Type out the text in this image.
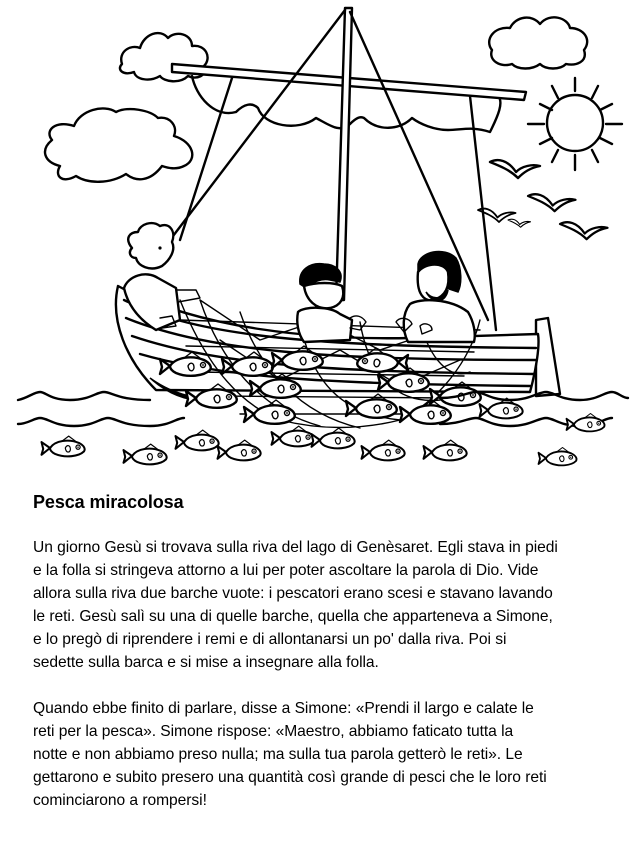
Pesca miracolosa

Un giorno Gesù si trovava sulla riva del lago di Genèsaret. Egli stava in piedi
e la folla si stringeva attorno a lui per poter ascoltare la parola di Dio. Vide
allora sulla riva due barche vuote: i pescatori erano scesi e stavano lavando
le reti. Gesù salì su una di quelle barche, quella che apparteneva a Simone,
e lo pregò di riprendere i remi e di allontanarsi un po' dalla riva. Poi si
sedette sulla barca e si mise a insegnare alla folla.

Quando ebbe finito di parlare, disse a Simone: «Prendi il largo e calate le
reti per la pesca». Simone rispose: «Maestro, abbiamo faticato tutta la
notte e non abbiamo preso nulla; ma sulla tua parola getterò le reti». Le
gettarono e subito presero una quantità così grande di pesci che le loro reti
cominciarono a rompersi!
